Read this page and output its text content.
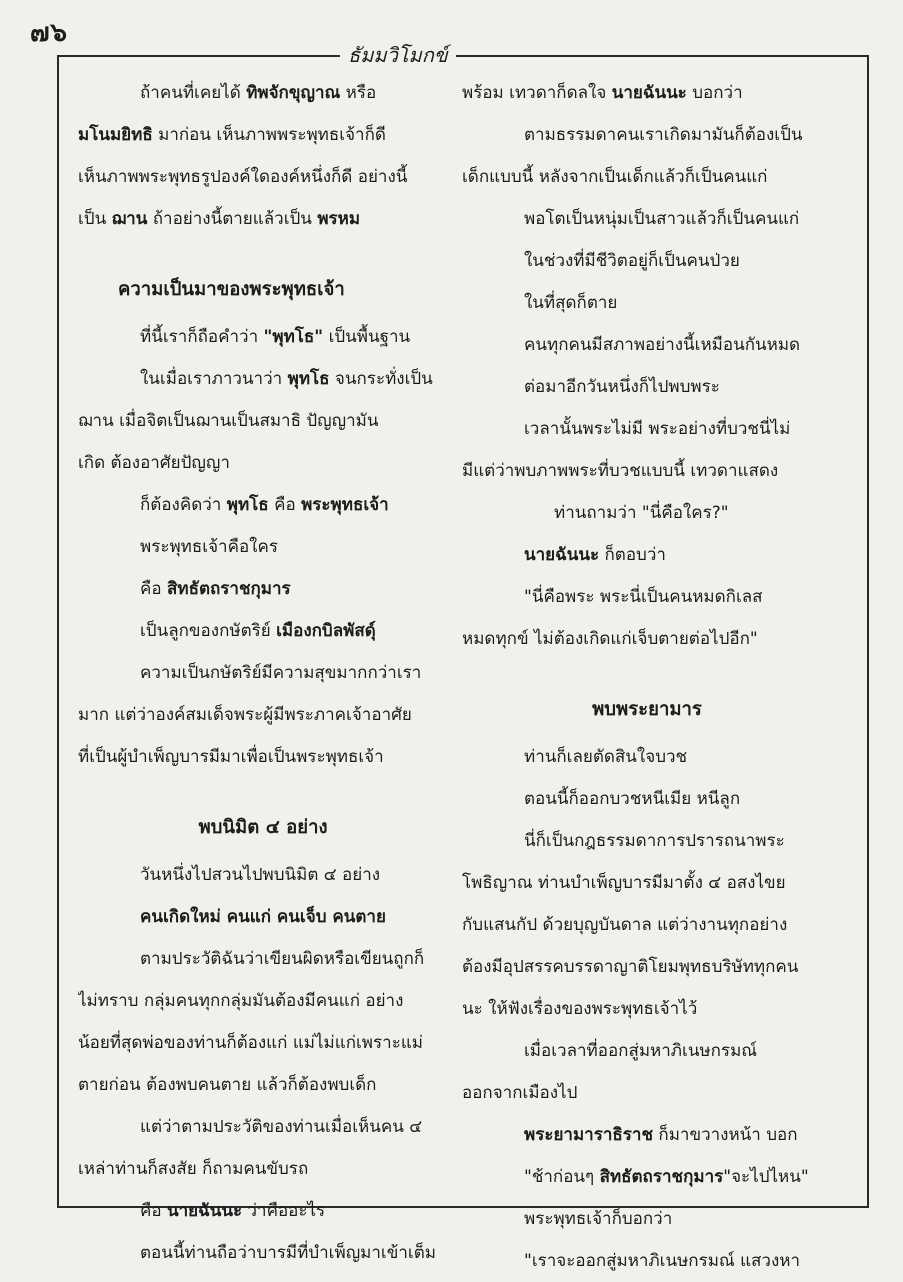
๗๖
ธัมมวิโมกข์
ถ้าคนที่เคยได้ ทิพจักขุญาณ หรือ
มโนมยิทธิ มาก่อน เห็นภาพพระพุทธเจ้าก็ดี
เห็นภาพพระพุทธรูปองค์ใดองค์หนึ่งก็ดี อย่างนี้
เป็น ฌาน ถ้าอย่างนี้ตายแล้วเป็น พรหม
ความเป็นมาของพระพุทธเจ้า
ที่นี้เราก็ถือคำว่า "พุทโธ" เป็นพื้นฐาน
ในเมื่อเราภาวนาว่า พุทโธ จนกระทั่งเป็น
ฌาน เมื่อจิตเป็นฌานเป็นสมาธิ ปัญญามัน
เกิด ต้องอาศัยปัญญา
ก็ต้องคิดว่า พุทโธ คือ พระพุทธเจ้า
พระพุทธเจ้าคือใคร
คือ สิทธัตถราชกุมาร
เป็นลูกของกษัตริย์ เมืองกบิลพัสดุ์
ความเป็นกษัตริย์มีความสุขมากกว่าเรา
มาก แต่ว่าองค์สมเด็จพระผู้มีพระภาคเจ้าอาศัย
ที่เป็นผู้บำเพ็ญบารมีมาเพื่อเป็นพระพุทธเจ้า
พบนิมิต ๔ อย่าง
วันหนึ่งไปสวนไปพบนิมิต ๔ อย่าง
คนเกิดใหม่ คนแก่ คนเจ็บ คนตาย
ตามประวัติฉันว่าเขียนผิดหรือเขียนถูกก็
ไม่ทราบ กลุ่มคนทุกกลุ่มมันต้องมีคนแก่ อย่าง
น้อยที่สุดพ่อของท่านก็ต้องแก่ แม่ไม่แก่เพราะแม่
ตายก่อน ต้องพบคนตาย แล้วก็ต้องพบเด็ก
แต่ว่าตามประวัติของท่านเมื่อเห็นคน ๔
เหล่าท่านก็สงสัย ก็ถามคนขับรถ
คือ นายฉันนะ ว่าคืออะไร
ตอนนี้ท่านถือว่าบารมีที่บำเพ็ญมาเข้าเต็ม
พร้อม เทวดาก็ดลใจ นายฉันนะ บอกว่า
ตามธรรมดาคนเราเกิดมามันก็ต้องเป็น
เด็กแบบนี้ หลังจากเป็นเด็กแล้วก็เป็นคนแก่
พอโตเป็นหนุ่มเป็นสาวแล้วก็เป็นคนแก่
ในช่วงที่มีชีวิตอยู่ก็เป็นคนป่วย
ในที่สุดก็ตาย
คนทุกคนมีสภาพอย่างนี้เหมือนกันหมด
ต่อมาอีกวันหนึ่งก็ไปพบพระ
เวลานั้นพระไม่มี พระอย่างที่บวชนี่ไม่
มีแต่ว่าพบภาพพระที่บวชแบบนี้ เทวดาแสดง
ท่านถามว่า "นี่คือใคร?"
นายฉันนะ ก็ตอบว่า
"นี่คือพระ พระนี่เป็นคนหมดกิเลส
หมดทุกข์ ไม่ต้องเกิดแก่เจ็บตายต่อไปอีก"
พบพระยามาร
ท่านก็เลยตัดสินใจบวช
ตอนนี้ก็ออกบวชหนีเมีย หนีลูก
นี่ก็เป็นกฎธรรมดาการปรารถนาพระ
โพธิญาณ ท่านบำเพ็ญบารมีมาตั้ง ๔ อสงไขย
กับแสนกัป ด้วยบุญบันดาล แต่ว่างานทุกอย่าง
ต้องมีอุปสรรคบรรดาญาติโยมพุทธบริษัททุกคน
นะ ให้ฟังเรื่องของพระพุทธเจ้าไว้
เมื่อเวลาที่ออกสู่มหาภิเนษกรมณ์
ออกจากเมืองไป
พระยามาราธิราช ก็มาขวางหน้า บอก
"ช้าก่อนๆ สิทธัตถราชกุมาร"จะไปไหน"
พระพุทธเจ้าก็บอกว่า
"เราจะออกสู่มหาภิเนษกรมณ์ แสวงหา
